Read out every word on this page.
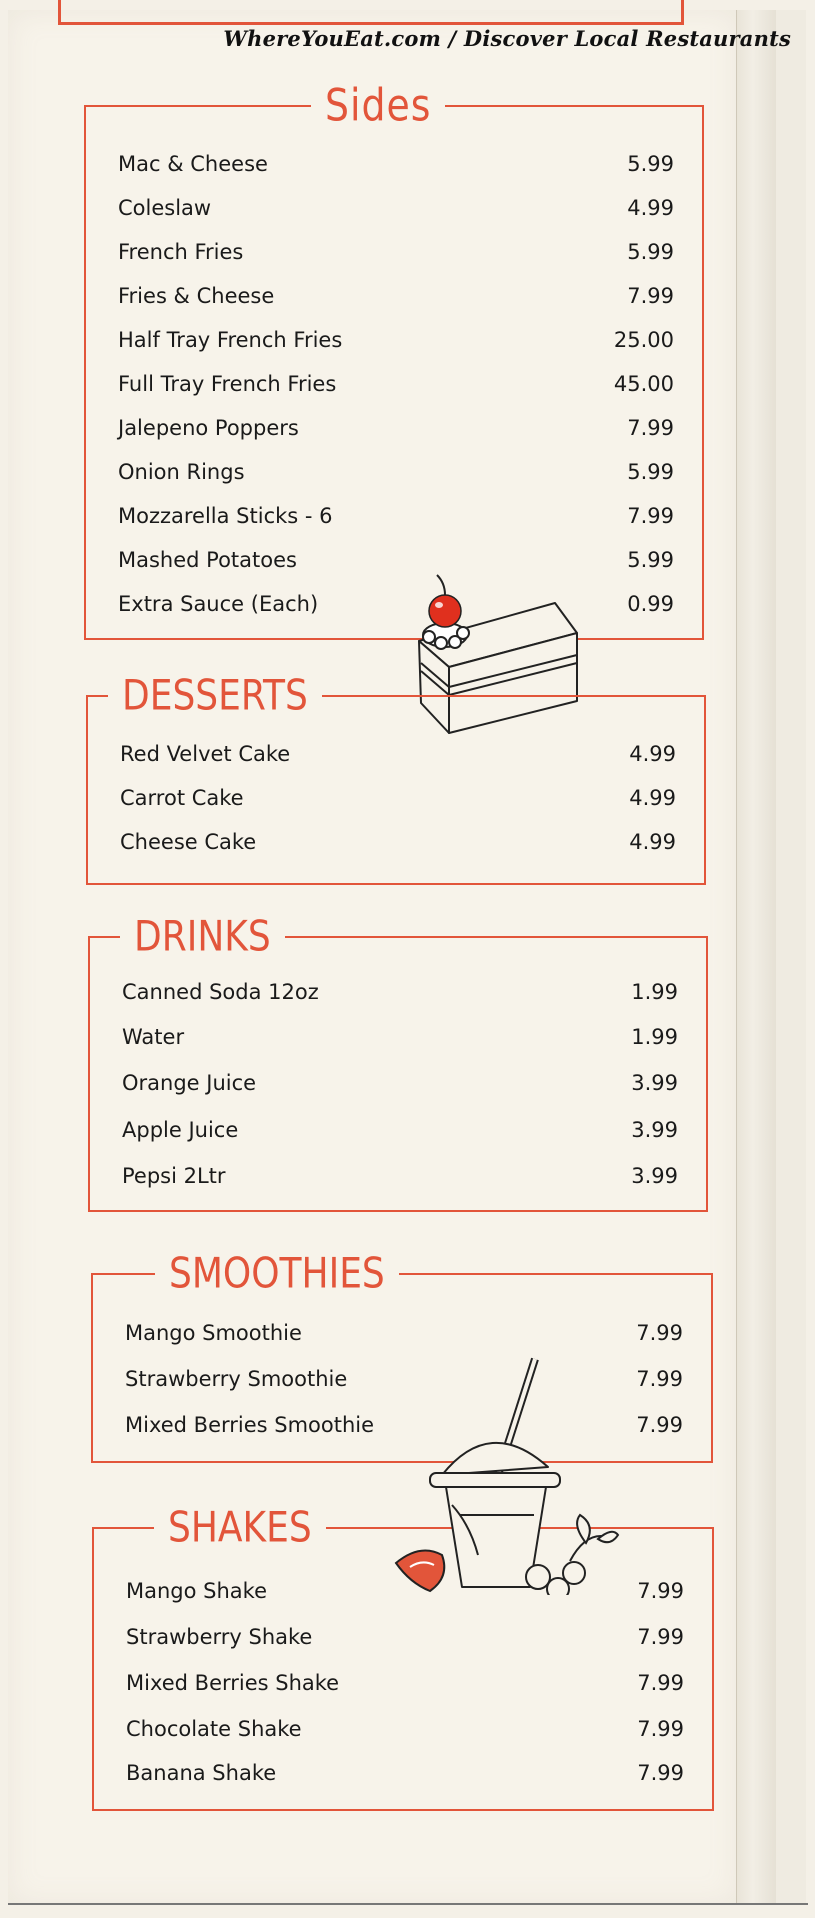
WhereYouEat.com / Discover Local Restaurants
Sides
Mac & Cheese	5.99
Coleslaw	4.99
French Fries	5.99
Fries & Cheese	7.99
Half Tray French Fries	25.00
Full Tray French Fries	45.00
Jalepeno Poppers	7.99
Onion Rings	5.99
Mozzarella Sticks - 6	7.99
Mashed Potatoes	5.99
Extra Sauce (Each)	0.99
DESSERTS
Red Velvet Cake	4.99
Carrot Cake	4.99
Cheese Cake	4.99
DRINKS
Canned Soda 12oz	1.99
Water	1.99
Orange Juice	3.99
Apple Juice	3.99
Pepsi 2Ltr	3.99
SMOOTHIES
Mango Smoothie	7.99
Strawberry Smoothie	7.99
Mixed Berries Smoothie	7.99
SHAKES
Mango Shake	7.99
Strawberry Shake	7.99
Mixed Berries Shake	7.99
Chocolate Shake	7.99
Banana Shake	7.99
